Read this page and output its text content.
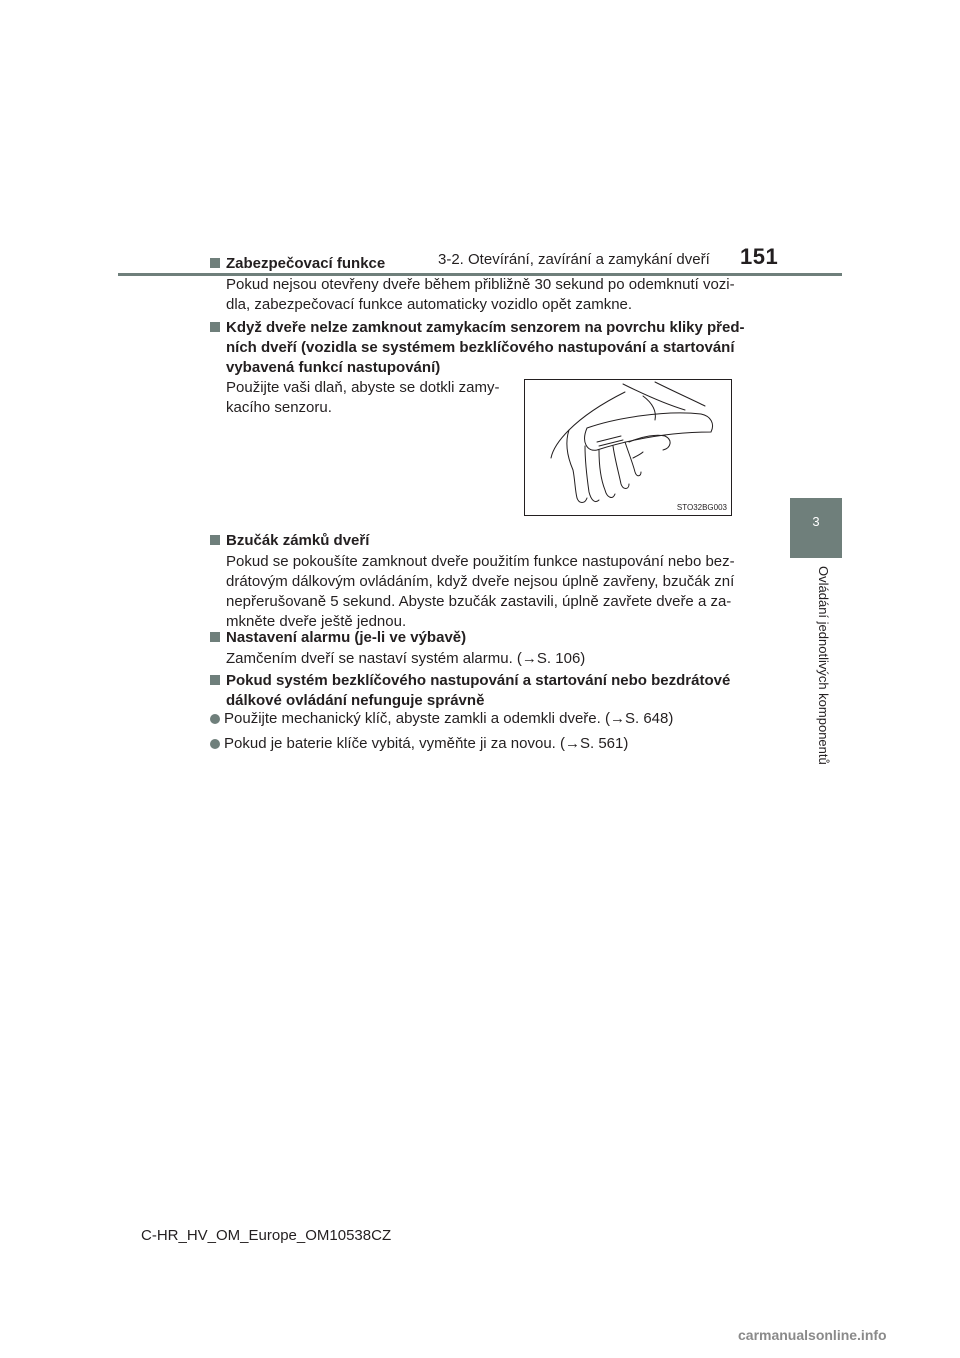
3-2. Otevírání, zavírání a zamykání dveří 151
3
Ovládání jednotlivých komponentů
Zabezpečovací funkce
Pokud nejsou otevřeny dveře během přibližně 30 sekund po odemknutí vozi-
dla, zabezpečovací funkce automaticky vozidlo opět zamkne.
Když dveře nelze zamknout zamykacím senzorem na povrchu kliky před-
ních dveří (vozidla se systémem bezklíčového nastupování a startování
vybavená funkcí nastupování)
Použijte vaši dlaň, abyste se dotkli zamy-
kacího senzoru.
STO32BG003
Bzučák zámků dveří
Pokud se pokoušíte zamknout dveře použitím funkce nastupování nebo bez-
drátovým dálkovým ovládáním, když dveře nejsou úplně zavřeny, bzučák zní
nepřerušovaně 5 sekund. Abyste bzučák zastavili, úplně zavřete dveře a za-
mkněte dveře ještě jednou.
Nastavení alarmu (je-li ve výbavě)
Zamčením dveří se nastaví systém alarmu. (→S. 106)
Pokud systém bezklíčového nastupování a startování nebo bezdrátové
dálkové ovládání nefunguje správně
Použijte mechanický klíč, abyste zamkli a odemkli dveře. (→S. 648)
Pokud je baterie klíče vybitá, vyměňte ji za novou. (→S. 561)
C-HR_HV_OM_Europe_OM10538CZ
carmanualsonline.info
